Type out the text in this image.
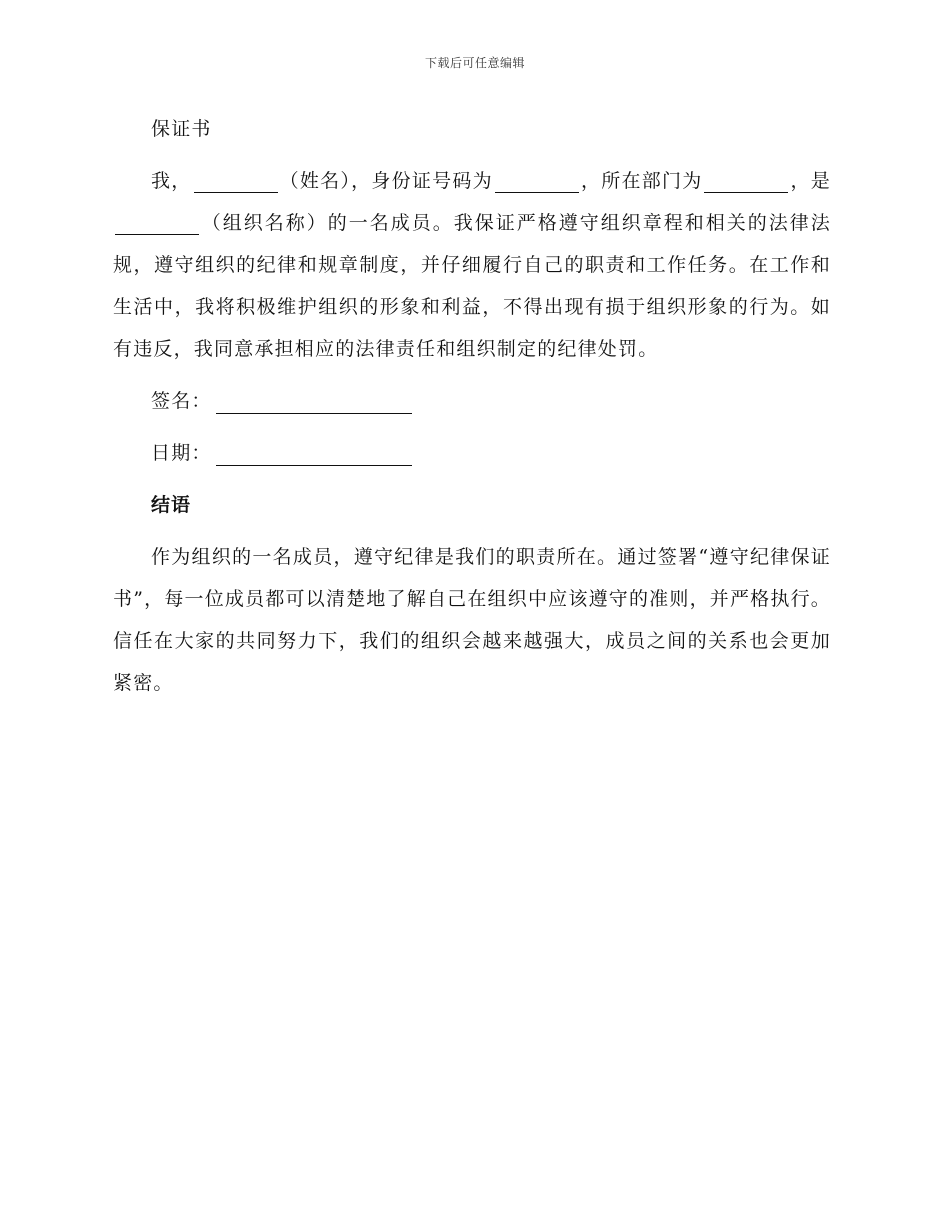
下载后可任意编辑

保证书

我，	（姓名），身份证号码为	，所在部门为	，是（组织名称）的一名成员。我保证严格遵守组织章程和相关的法律法规，遵守组织的纪律和规章制度，并仔细履行自己的职责和工作任务。在工作和生活中，我将积极维护组织的形象和利益，不得出现有损于组织形象的行为。如有违反，我同意承担相应的法律责任和组织制定的纪律处罚。

签名：

日期：

结语

作为组织的一名成员，遵守纪律是我们的职责所在。通过签署“遵守纪律保证书”，每一位成员都可以清楚地了解自己在组织中应该遵守的准则，并严格执行。信任在大家的共同努力下，我们的组织会越来越强大，成员之间的关系也会更加紧密。
